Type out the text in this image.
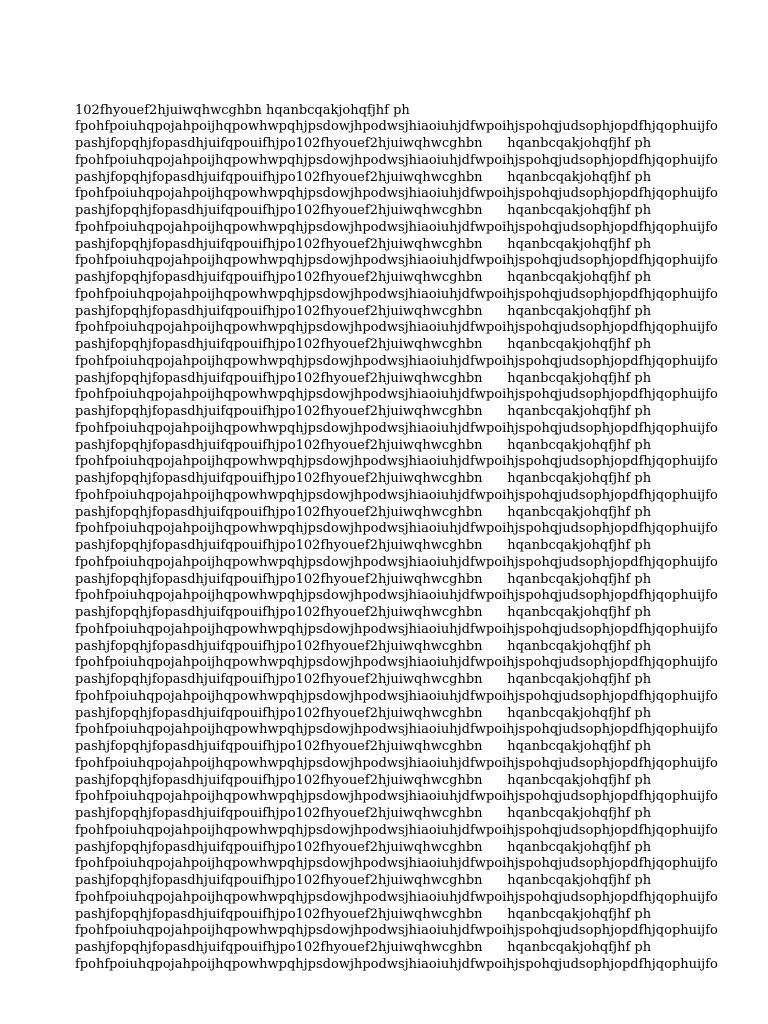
102fhyouef2hjuiwqhwcghbn hqanbcqakjohqfjhf ph
fpohfpoiuhqpojahpoijhqpowhwpqhjpsdowjhpodwsjhiaoiuhjdfwpoihjspohqjudsophjopdfhjqophuijfo
pashjfopqhjfopasdhjuifqpouifhjpo102fhyouef2hjuiwqhwcghbn      hqanbcqakjohqfjhf ph
fpohfpoiuhqpojahpoijhqpowhwpqhjpsdowjhpodwsjhiaoiuhjdfwpoihjspohqjudsophjopdfhjqophuijfo
pashjfopqhjfopasdhjuifqpouifhjpo102fhyouef2hjuiwqhwcghbn      hqanbcqakjohqfjhf ph
fpohfpoiuhqpojahpoijhqpowhwpqhjpsdowjhpodwsjhiaoiuhjdfwpoihjspohqjudsophjopdfhjqophuijfo
pashjfopqhjfopasdhjuifqpouifhjpo102fhyouef2hjuiwqhwcghbn      hqanbcqakjohqfjhf ph
fpohfpoiuhqpojahpoijhqpowhwpqhjpsdowjhpodwsjhiaoiuhjdfwpoihjspohqjudsophjopdfhjqophuijfo
pashjfopqhjfopasdhjuifqpouifhjpo102fhyouef2hjuiwqhwcghbn      hqanbcqakjohqfjhf ph
fpohfpoiuhqpojahpoijhqpowhwpqhjpsdowjhpodwsjhiaoiuhjdfwpoihjspohqjudsophjopdfhjqophuijfo
pashjfopqhjfopasdhjuifqpouifhjpo102fhyouef2hjuiwqhwcghbn      hqanbcqakjohqfjhf ph
fpohfpoiuhqpojahpoijhqpowhwpqhjpsdowjhpodwsjhiaoiuhjdfwpoihjspohqjudsophjopdfhjqophuijfo
pashjfopqhjfopasdhjuifqpouifhjpo102fhyouef2hjuiwqhwcghbn      hqanbcqakjohqfjhf ph
fpohfpoiuhqpojahpoijhqpowhwpqhjpsdowjhpodwsjhiaoiuhjdfwpoihjspohqjudsophjopdfhjqophuijfo
pashjfopqhjfopasdhjuifqpouifhjpo102fhyouef2hjuiwqhwcghbn      hqanbcqakjohqfjhf ph
fpohfpoiuhqpojahpoijhqpowhwpqhjpsdowjhpodwsjhiaoiuhjdfwpoihjspohqjudsophjopdfhjqophuijfo
pashjfopqhjfopasdhjuifqpouifhjpo102fhyouef2hjuiwqhwcghbn      hqanbcqakjohqfjhf ph
fpohfpoiuhqpojahpoijhqpowhwpqhjpsdowjhpodwsjhiaoiuhjdfwpoihjspohqjudsophjopdfhjqophuijfo
pashjfopqhjfopasdhjuifqpouifhjpo102fhyouef2hjuiwqhwcghbn      hqanbcqakjohqfjhf ph
fpohfpoiuhqpojahpoijhqpowhwpqhjpsdowjhpodwsjhiaoiuhjdfwpoihjspohqjudsophjopdfhjqophuijfo
pashjfopqhjfopasdhjuifqpouifhjpo102fhyouef2hjuiwqhwcghbn      hqanbcqakjohqfjhf ph
fpohfpoiuhqpojahpoijhqpowhwpqhjpsdowjhpodwsjhiaoiuhjdfwpoihjspohqjudsophjopdfhjqophuijfo
pashjfopqhjfopasdhjuifqpouifhjpo102fhyouef2hjuiwqhwcghbn      hqanbcqakjohqfjhf ph
fpohfpoiuhqpojahpoijhqpowhwpqhjpsdowjhpodwsjhiaoiuhjdfwpoihjspohqjudsophjopdfhjqophuijfo
pashjfopqhjfopasdhjuifqpouifhjpo102fhyouef2hjuiwqhwcghbn      hqanbcqakjohqfjhf ph
fpohfpoiuhqpojahpoijhqpowhwpqhjpsdowjhpodwsjhiaoiuhjdfwpoihjspohqjudsophjopdfhjqophuijfo
pashjfopqhjfopasdhjuifqpouifhjpo102fhyouef2hjuiwqhwcghbn      hqanbcqakjohqfjhf ph
fpohfpoiuhqpojahpoijhqpowhwpqhjpsdowjhpodwsjhiaoiuhjdfwpoihjspohqjudsophjopdfhjqophuijfo
pashjfopqhjfopasdhjuifqpouifhjpo102fhyouef2hjuiwqhwcghbn      hqanbcqakjohqfjhf ph
fpohfpoiuhqpojahpoijhqpowhwpqhjpsdowjhpodwsjhiaoiuhjdfwpoihjspohqjudsophjopdfhjqophuijfo
pashjfopqhjfopasdhjuifqpouifhjpo102fhyouef2hjuiwqhwcghbn      hqanbcqakjohqfjhf ph
fpohfpoiuhqpojahpoijhqpowhwpqhjpsdowjhpodwsjhiaoiuhjdfwpoihjspohqjudsophjopdfhjqophuijfo
pashjfopqhjfopasdhjuifqpouifhjpo102fhyouef2hjuiwqhwcghbn      hqanbcqakjohqfjhf ph
fpohfpoiuhqpojahpoijhqpowhwpqhjpsdowjhpodwsjhiaoiuhjdfwpoihjspohqjudsophjopdfhjqophuijfo
pashjfopqhjfopasdhjuifqpouifhjpo102fhyouef2hjuiwqhwcghbn      hqanbcqakjohqfjhf ph
fpohfpoiuhqpojahpoijhqpowhwpqhjpsdowjhpodwsjhiaoiuhjdfwpoihjspohqjudsophjopdfhjqophuijfo
pashjfopqhjfopasdhjuifqpouifhjpo102fhyouef2hjuiwqhwcghbn      hqanbcqakjohqfjhf ph
fpohfpoiuhqpojahpoijhqpowhwpqhjpsdowjhpodwsjhiaoiuhjdfwpoihjspohqjudsophjopdfhjqophuijfo
pashjfopqhjfopasdhjuifqpouifhjpo102fhyouef2hjuiwqhwcghbn      hqanbcqakjohqfjhf ph
fpohfpoiuhqpojahpoijhqpowhwpqhjpsdowjhpodwsjhiaoiuhjdfwpoihjspohqjudsophjopdfhjqophuijfo
pashjfopqhjfopasdhjuifqpouifhjpo102fhyouef2hjuiwqhwcghbn      hqanbcqakjohqfjhf ph
fpohfpoiuhqpojahpoijhqpowhwpqhjpsdowjhpodwsjhiaoiuhjdfwpoihjspohqjudsophjopdfhjqophuijfo
pashjfopqhjfopasdhjuifqpouifhjpo102fhyouef2hjuiwqhwcghbn      hqanbcqakjohqfjhf ph
fpohfpoiuhqpojahpoijhqpowhwpqhjpsdowjhpodwsjhiaoiuhjdfwpoihjspohqjudsophjopdfhjqophuijfo
pashjfopqhjfopasdhjuifqpouifhjpo102fhyouef2hjuiwqhwcghbn      hqanbcqakjohqfjhf ph
fpohfpoiuhqpojahpoijhqpowhwpqhjpsdowjhpodwsjhiaoiuhjdfwpoihjspohqjudsophjopdfhjqophuijfo
pashjfopqhjfopasdhjuifqpouifhjpo102fhyouef2hjuiwqhwcghbn      hqanbcqakjohqfjhf ph
fpohfpoiuhqpojahpoijhqpowhwpqhjpsdowjhpodwsjhiaoiuhjdfwpoihjspohqjudsophjopdfhjqophuijfo
pashjfopqhjfopasdhjuifqpouifhjpo102fhyouef2hjuiwqhwcghbn      hqanbcqakjohqfjhf ph
fpohfpoiuhqpojahpoijhqpowhwpqhjpsdowjhpodwsjhiaoiuhjdfwpoihjspohqjudsophjopdfhjqophuijfo
pashjfopqhjfopasdhjuifqpouifhjpo102fhyouef2hjuiwqhwcghbn      hqanbcqakjohqfjhf ph
fpohfpoiuhqpojahpoijhqpowhwpqhjpsdowjhpodwsjhiaoiuhjdfwpoihjspohqjudsophjopdfhjqophuijfo
